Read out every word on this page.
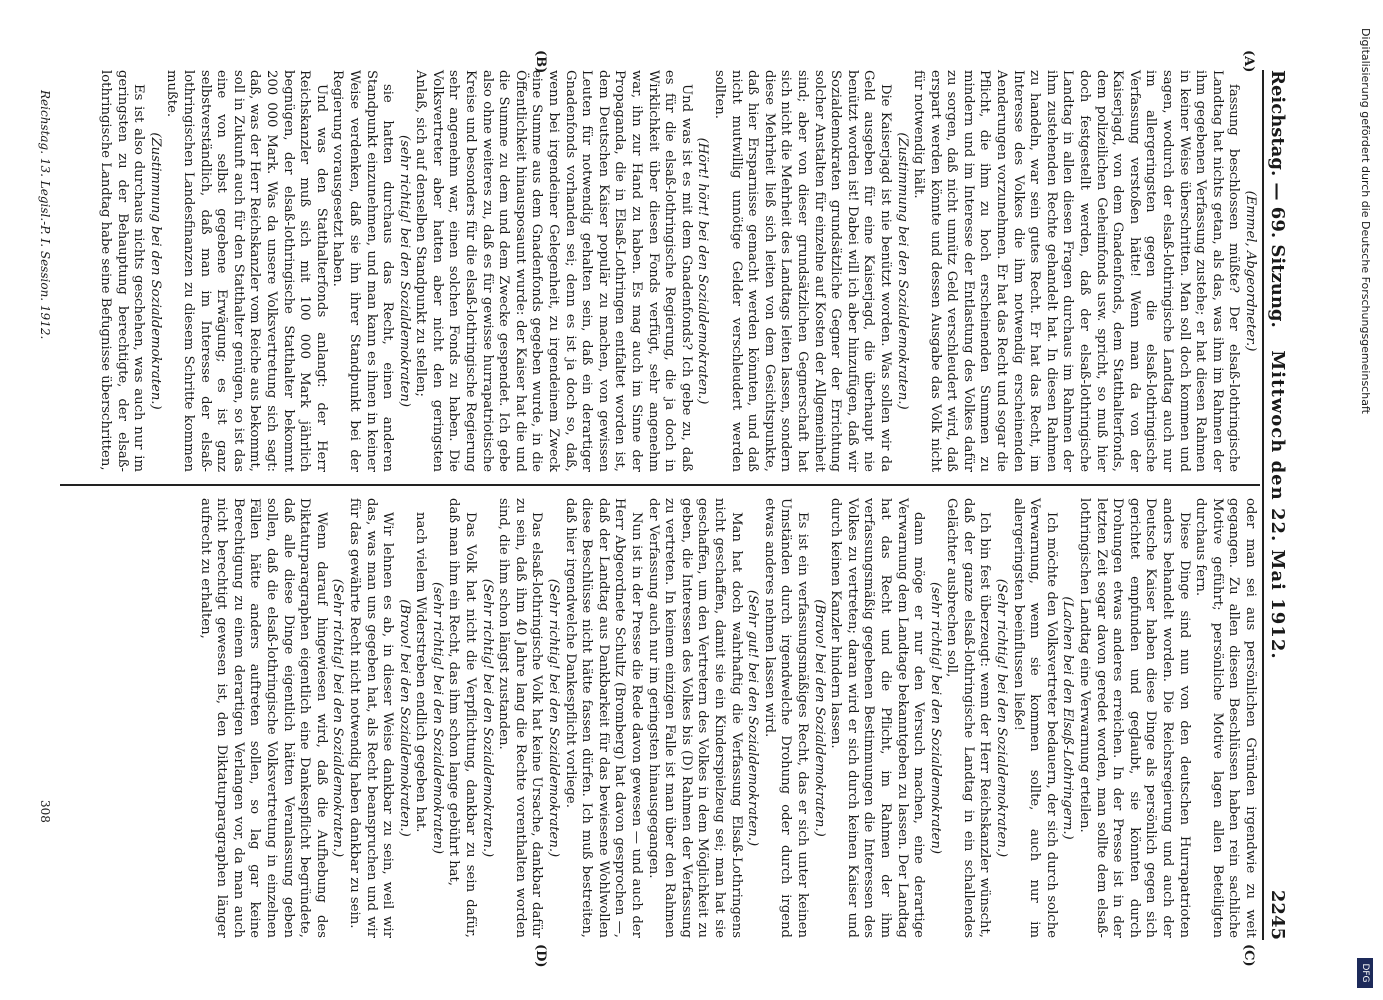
Reichstag. — 69. Sitzung.
Mittwoch den 22. Mai 1912.
2245
(A)
(B)
(C)
(D)

(Emmel, Abgeordneter.)

fassung beschlossen müßte? Der elsaß-lothringische Landtag hat nichts getan, als das, was ihm im Rahmen der ihm gegebenen Verfassung zustehe; er hat diesen Rahmen in keiner Weise überschritten. Man soll doch kommen und sagen, wodurch der elsaß-lothringische Landtag auch nur im allergeringsten gegen die elsaß-lothringische Verfassung verstoßen hätte! Wenn man da von der Kaiserjagd, von dem Gnadenfonds, dem Statthalterfonds, dem polizeilichen Geheimfonds usw. spricht, so muß hier doch festgestellt werden, daß der elsaß-lothringische Landtag in allen diesen Fragen durchaus im Rahmen der ihm zustehenden Rechte gehandelt hat. In diesen Rahmen zu handeln, war sein gutes Recht. Er hat das Recht, im Interesse des Volkes die ihm notwendig erscheinenden Aenderungen vorzunehmen. Er hat das Recht und sogar die Pflicht, die ihm zu hoch erscheinenden Summen zu mindern und im Interesse der Entlastung des Volkes dafür zu sorgen, daß nicht unnütz Geld verschleudert wird, daß erspart werden könnte und dessen Ausgabe das Volk nicht für notwendig hält.

(Zustimmung bei den Sozialdemokraten.)

Die Kaiserjagd ist nie benützt worden. Was sollen wir da Geld ausgeben für eine Kaiserjagd, die überhaupt nie benützt worden ist! Dabei will ich aber hinzufügen, daß wir Sozialdemokraten grundsätzliche Gegner der Errichtung solcher Anstalten für einzelne auf Kosten der Allgemeinheit sind; aber von dieser grundsätzlichen Gegnerschaft hat sich nicht die Mehrheit des Landtags leiten lassen, sondern diese Mehrheit ließ sich leiten von dem Gesichtspunkte, daß hier Ersparnisse gemacht werden könnten, und daß nicht mutwillig unnötige Gelder verschleudert werden sollten.

(Hört! hört! bei den Sozialdemokraten.)

Und was ist es mit dem Gnadenfonds? Ich gebe zu, daß es für die elsaß-lothringische Regierung, die ja doch in Wirklichkeit über diesen Fonds verfügt, sehr angenehm war, ihn zur Hand zu haben. Es mag auch im Sinne der Propaganda, die in Elsaß-Lothringen entfaltet worden ist, dem Deutschen Kaiser populär zu machen, von gewissen Leuten für notwendig gehalten sein, daß ein derartiger Gnadenfonds vorhanden sei; denn es ist ja doch so, daß, wenn bei irgendeiner Gelegenheit, zu irgendeinem Zweck eine Summe aus dem Gnadenfonds gegeben wurde, in die Öffentlichkeit hinausposaunt wurde: der Kaiser hat die und die Summe zu dem und dem Zwecke gespendet. Ich gebe also ohne weiteres zu, daß es für gewisse hurrapatriotische Kreise und besonders für die elsaß-lothringische Regierung sehr angenehm war, einen solchen Fonds zu haben. Die Volksvertreter aber hatten aber nicht den geringsten Anlaß, sich auf denselben Standpunkt zu stellen;

(sehr richtig! bei den Sozialdemokraten)

sie hatten durchaus das Recht, einen anderen Standpunkt einzunehmen, und man kann es ihnen in keiner Weise verdenken, daß sie ihn ihrer Standpunkt bei der Regierung vorausgesetzt haben.

Und was den Statthalterfonds anlangt: der Herr Reichskanzler muß sich mit 100 000 Mark jährlich begnügen, der elsaß-lothringische Statthalter bekommt 200 000 Mark. Was da unsere Volksvertretung sich sagt: daß, was der Herr Reichskanzler vom Reiche aus bekommt, soll in Zukunft auch für den Statthalter genügen, so ist das eine von selbst gegebene Erwägung; es ist ganz selbstverständlich, daß man im Interesse der elsaß-lothringischen Landesfinanzen zu diesem Schritte kommen mußte.

(Zustimmung bei den Sozialdemokraten.)

Es ist also durchaus nichts geschehen, was auch nur im geringsten zu der Behauptung berechtigte, der elsaß-lothringische Landtag habe seine Befugnisse überschritten,

oder man sei aus persönlichen Gründen irgendwie zu weit gegangen. Zu allen diesen Beschlüssen haben rein sachliche Motive geführt; persönliche Motive lagen allen Beteiligten durchaus fern.

Diese Dinge sind nun von den deutschen Hurrapatrioten anders behandelt worden. Die Reichsregierung und auch der Deutsche Kaiser haben diese Dinge als persönlich gegen sich gerichtet empfunden und geglaubt, sie könnten durch Drohungen etwas anderes erreichen. In der Presse ist in der letzten Zeit sogar davon geredet worden, man sollte dem elsaß-lothringischen Landtag eine Verwarnung erteilen.

(Lachen bei den Elsaß-Lothringern.)

Ich möchte den Volksvertreter bedauern, der sich durch solche Verwarnung, wenn sie kommen sollte, auch nur im allergeringsten beeinflussen ließe!

(Sehr richtig! bei den Sozialdemokraten.)

Ich bin fest überzeugt: wenn der Herr Reichskanzler wünscht, daß der ganze elsaß-lothringische Landtag in ein schallendes Gelächter ausbrechen soll,

(sehr richtig! bei den Sozialdemokraten)

dann möge er nur den Versuch machen, eine derartige Verwarnung dem Landtage bekanntgeben zu lassen. Der Landtag hat das Recht und die Pflicht, im Rahmen der ihm verfassungsmäßig gegebenen Bestimmungen die Interessen des Volkes zu vertreten; daran wird er sich durch keinen Kaiser und durch keinen Kanzler hindern lassen.

(Bravo! bei den Sozialdemokraten.)

Es ist ein verfassungsmäßiges Recht, das er sich unter keinen Umständen durch irgendwelche Drohung oder durch irgend etwas anderes nehmen lassen wird.

(Sehr gut! bei den Sozialdemokraten.)

Man hat doch wahrhaftig die Verfassung Elsaß-Lothringens nicht geschaffen, damit sie ein Kinderspielzeug sei; man hat sie geschaffen, um den Vertretern des Volkes in dem Möglichkeit zu geben, die Interessen des Volkes bis (D) Rahmen der Verfassung zu vertreten. In keinem einzigen Falle ist man über den Rahmen der Verfassung auch nur im geringsten hinausgegangen.

Nun ist in der Presse die Rede davon gewesen — und auch der Herr Abgeordnete Schultz (Bromberg) hat davon gesprochen —, daß der Landtag aus Dankbarkeit für das bewiesene Wohlwollen diese Beschlüsse nicht hätte fassen dürfen. Ich muß bestreiten, daß hier irgendwelche Dankespflicht vorliege.

(Sehr richtig! bei den Sozialdemokraten.)

Das elsaß-lothringische Volk hat keine Ursache, dankbar dafür zu sein, daß ihm 40 Jahre lang die Rechte vorenthalten worden sind, die ihm schon längst zustanden.

(Sehr richtig! bei den Sozialdemokraten.)

Das Volk hat nicht die Verpflichtung, dankbar zu sein dafür, daß man ihm ein Recht, das ihm schon lange gebührt hat,

(sehr richtig! bei den Sozialdemokraten)

nach vielem Widerstreben endlich gegeben hat.

(Bravo! bei den Sozialdemokraten.)

Wir lehnen es ab, in dieser Weise dankbar zu sein, weil wir das, was man uns gegeben hat, als Recht beanspruchen und wir für das gewährte Recht nicht notwendig haben dankbar zu sein.

(Sehr richtig! bei den Sozialdemokraten.)

Wenn darauf hingewiesen wird, daß die Aufhebung des Diktaturparagraphen eigentlich eine Dankespflicht begründete, daß alle diese Dinge eigentlich hätten Veranlassung geben sollen, daß die elsaß-lothringische Volksvertretung in einzelnen Fällen hätte anders auftreten sollen, so lag gar keine Berechtigung zu einem derartigen Verlangen vor, da man auch nicht berechtigt gewesen ist, den Diktaturparagraphen länger aufrecht zu erhalten,

Reichstag. 13. Legisl.-P. I. Session. 1912.
308
Digitalisierung gefördert durch die Deutsche Forschungsgemeinschaft
DFG
